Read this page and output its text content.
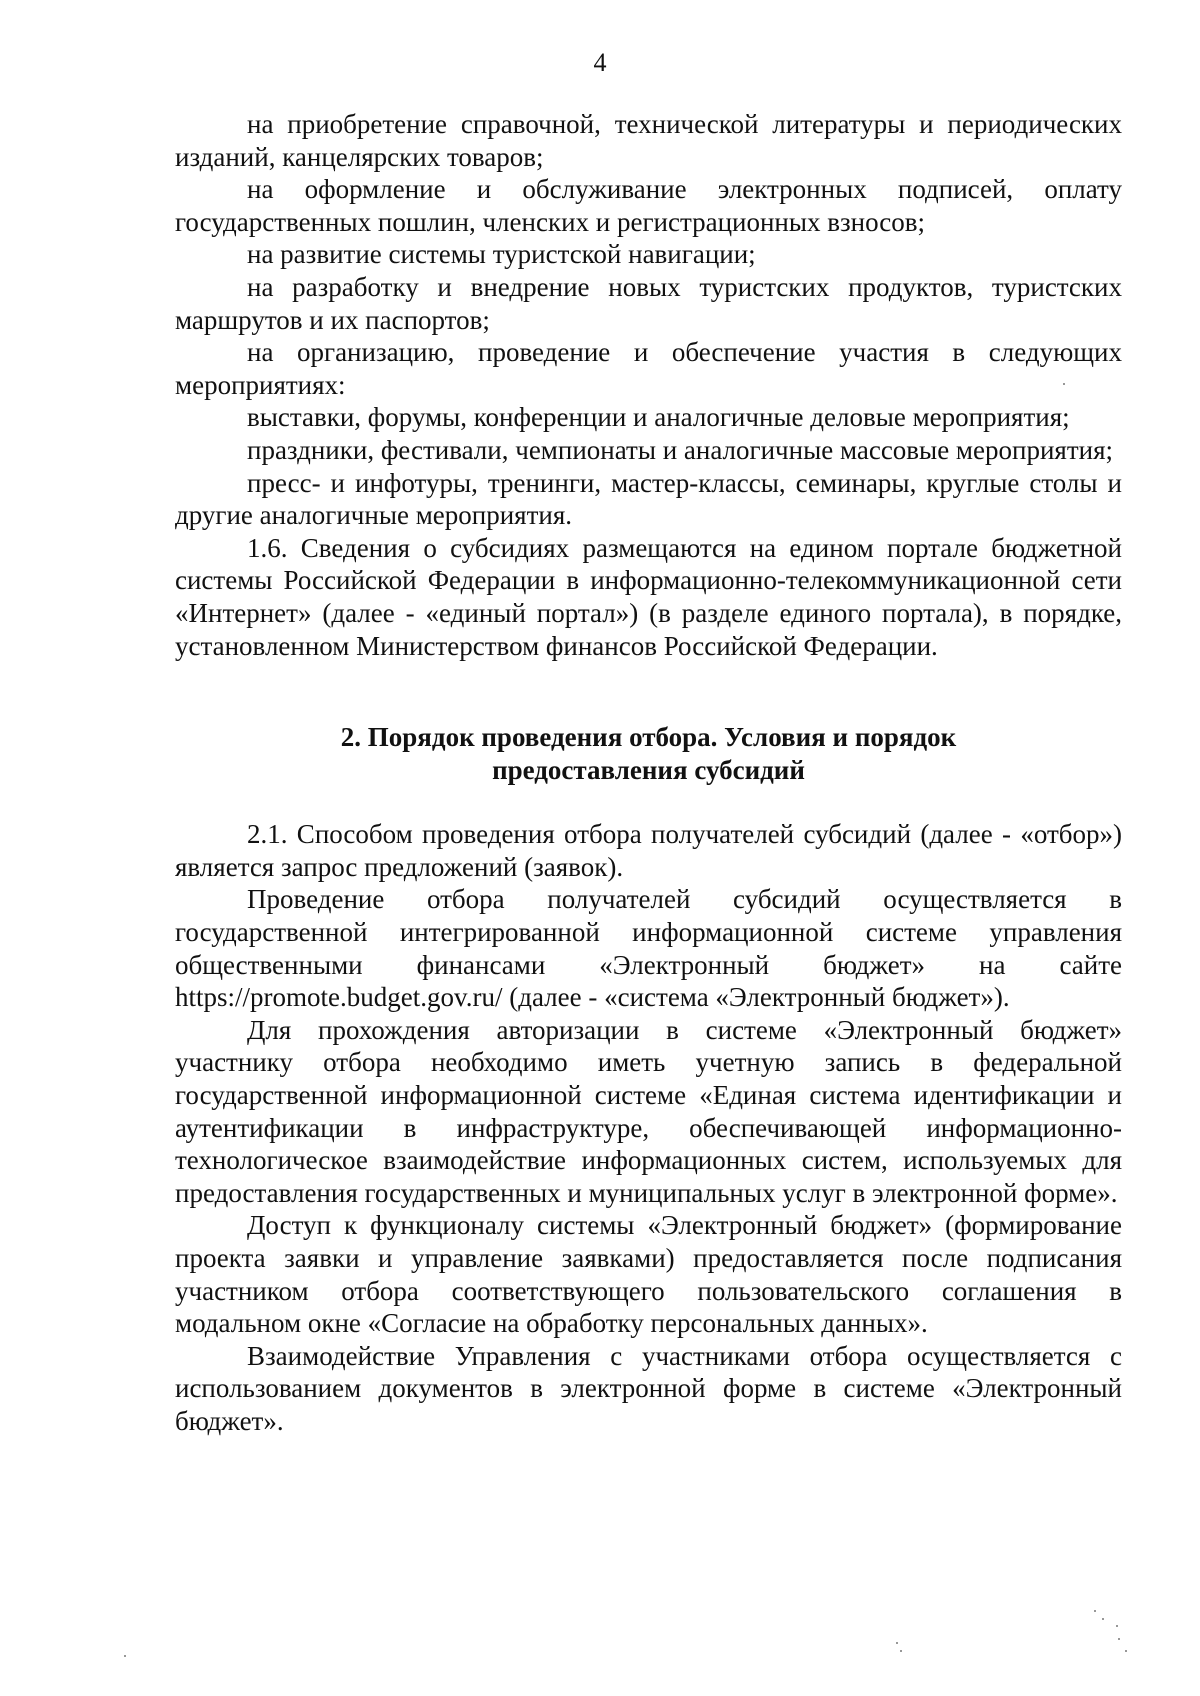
4

на приобретение справочной, технической литературы и периодических изданий, канцелярских товаров;

на оформление и обслуживание электронных подписей, оплату государственных пошлин, членских и регистрационных взносов;

на развитие системы туристской навигации;

на разработку и внедрение новых туристских продуктов, туристских маршрутов и их паспортов;

на организацию, проведение и обеспечение участия в следующих мероприятиях:

выставки, форумы, конференции и аналогичные деловые мероприятия;

праздники, фестивали, чемпионаты и аналогичные массовые мероприятия;

пресс- и инфотуры, тренинги, мастер-классы, семинары, круглые столы и другие аналогичные мероприятия.

1.6. Сведения о субсидиях размещаются на едином портале бюджетной системы Российской Федерации в информационно-телекоммуникационной сети «Интернет» (далее - «единый портал») (в разделе единого портала), в порядке, установленном Министерством финансов Российской Федерации.

2. Порядок проведения отбора. Условия и порядок
предоставления субсидий

2.1. Способом проведения отбора получателей субсидий (далее - «отбор») является запрос предложений (заявок).

Проведение отбора получателей субсидий осуществляется в государственной интегрированной информационной системе управления общественными финансами «Электронный бюджет» на сайте https://promote.budget.gov.ru/ (далее - «система «Электронный бюджет»).

Для прохождения авторизации в системе «Электронный бюджет» участнику отбора необходимо иметь учетную запись в федеральной государственной информационной системе «Единая система идентификации и аутентификации в инфраструктуре, обеспечивающей информационно-технологическое взаимодействие информационных систем, используемых для предоставления государственных и муниципальных услуг в электронной форме».

Доступ к функционалу системы «Электронный бюджет» (формирование проекта заявки и управление заявками) предоставляется после подписания участником отбора соответствующего пользовательского соглашения в модальном окне «Согласие на обработку персональных данных».

Взаимодействие Управления с участниками отбора осуществляется с использованием документов в электронной форме в системе «Электронный бюджет».
